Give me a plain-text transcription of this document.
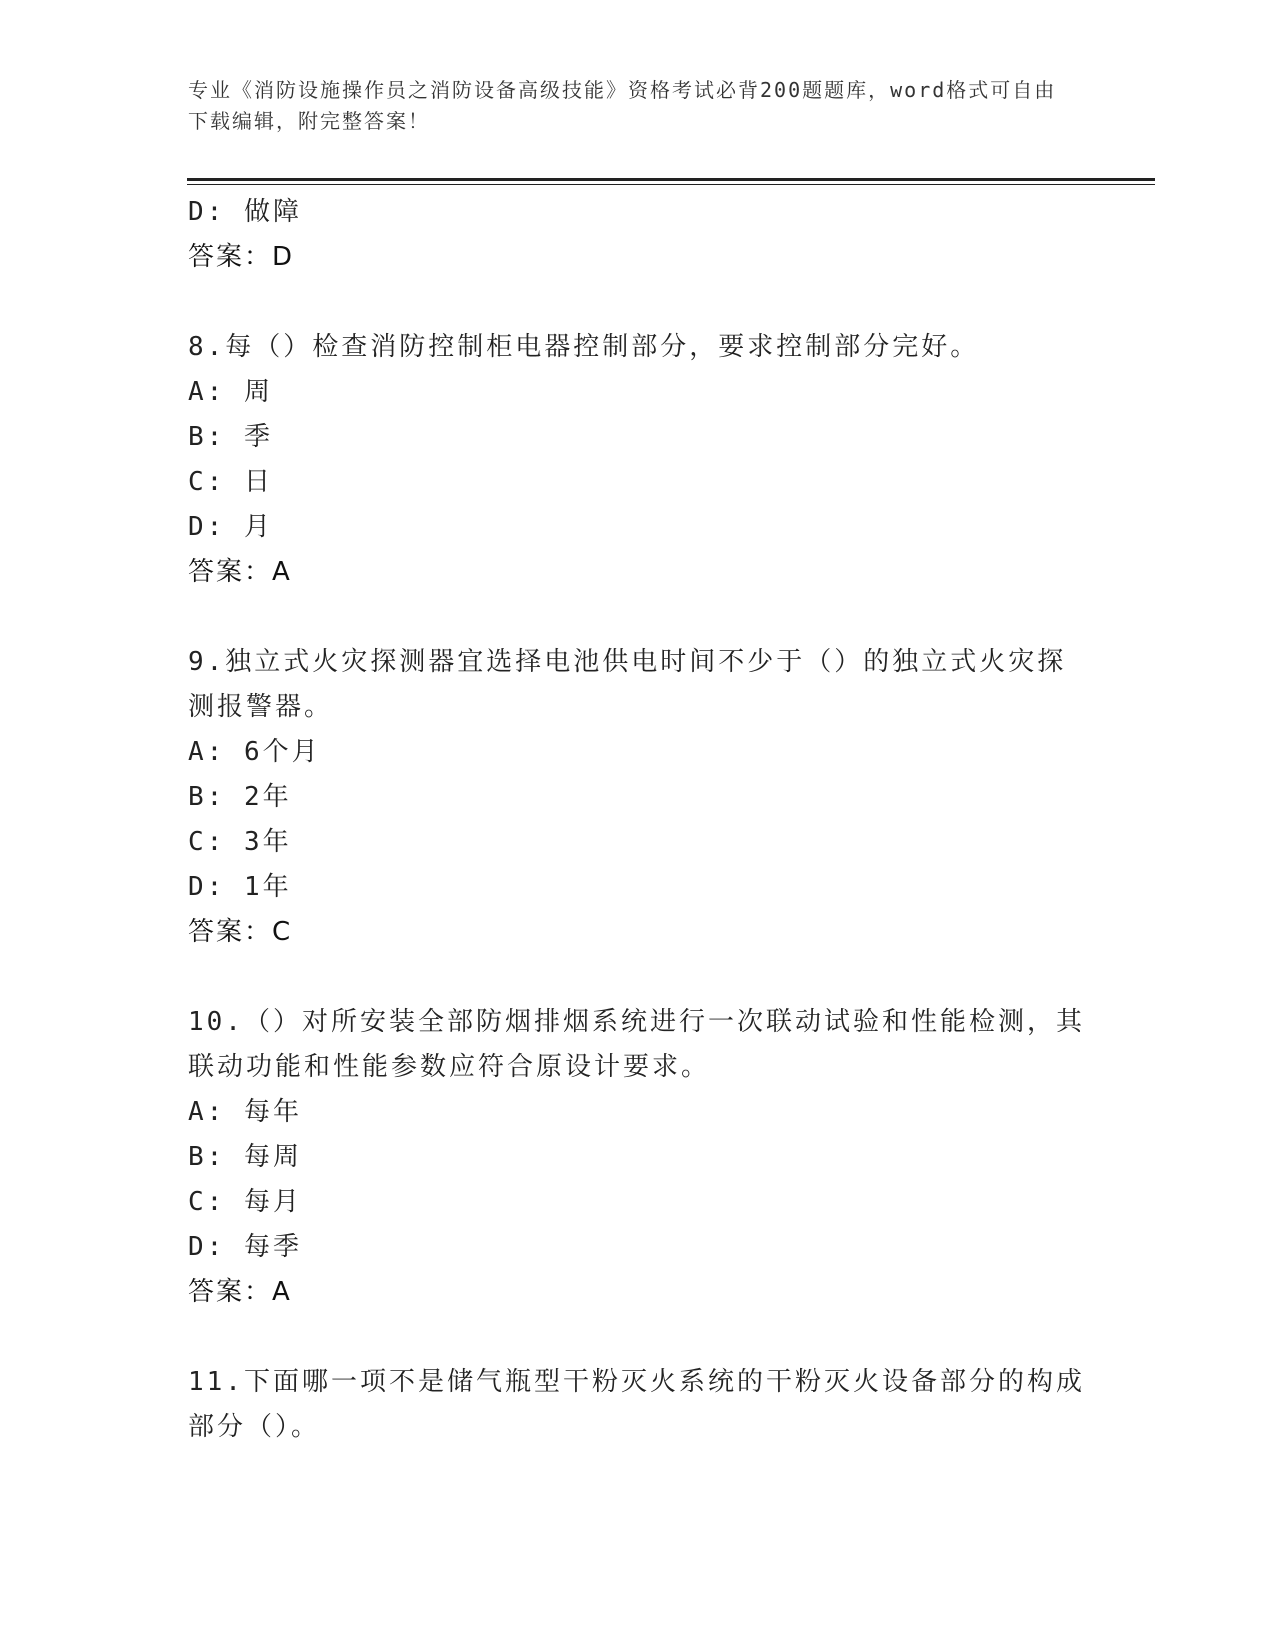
专业《消防设施操作员之消防设备高级技能》资格考试必背200题题库，word格式可自由下载编辑，附完整答案！
D: 做障
答案：D
8.每（）检查消防控制柜电器控制部分，要求控制部分完好。
A: 周
B: 季
C: 日
D: 月
答案：A
9.独立式火灾探测器宜选择电池供电时间不少于（）的独立式火灾探测报警器。
A: 6个月
B: 2年
C: 3年
D: 1年
答案：C
10.（）对所安装全部防烟排烟系统进行一次联动试验和性能检测，其联动功能和性能参数应符合原设计要求。
A: 每年
B: 每周
C: 每月
D: 每季
答案：A
11.下面哪一项不是储气瓶型干粉灭火系统的干粉灭火设备部分的构成部分（）。
